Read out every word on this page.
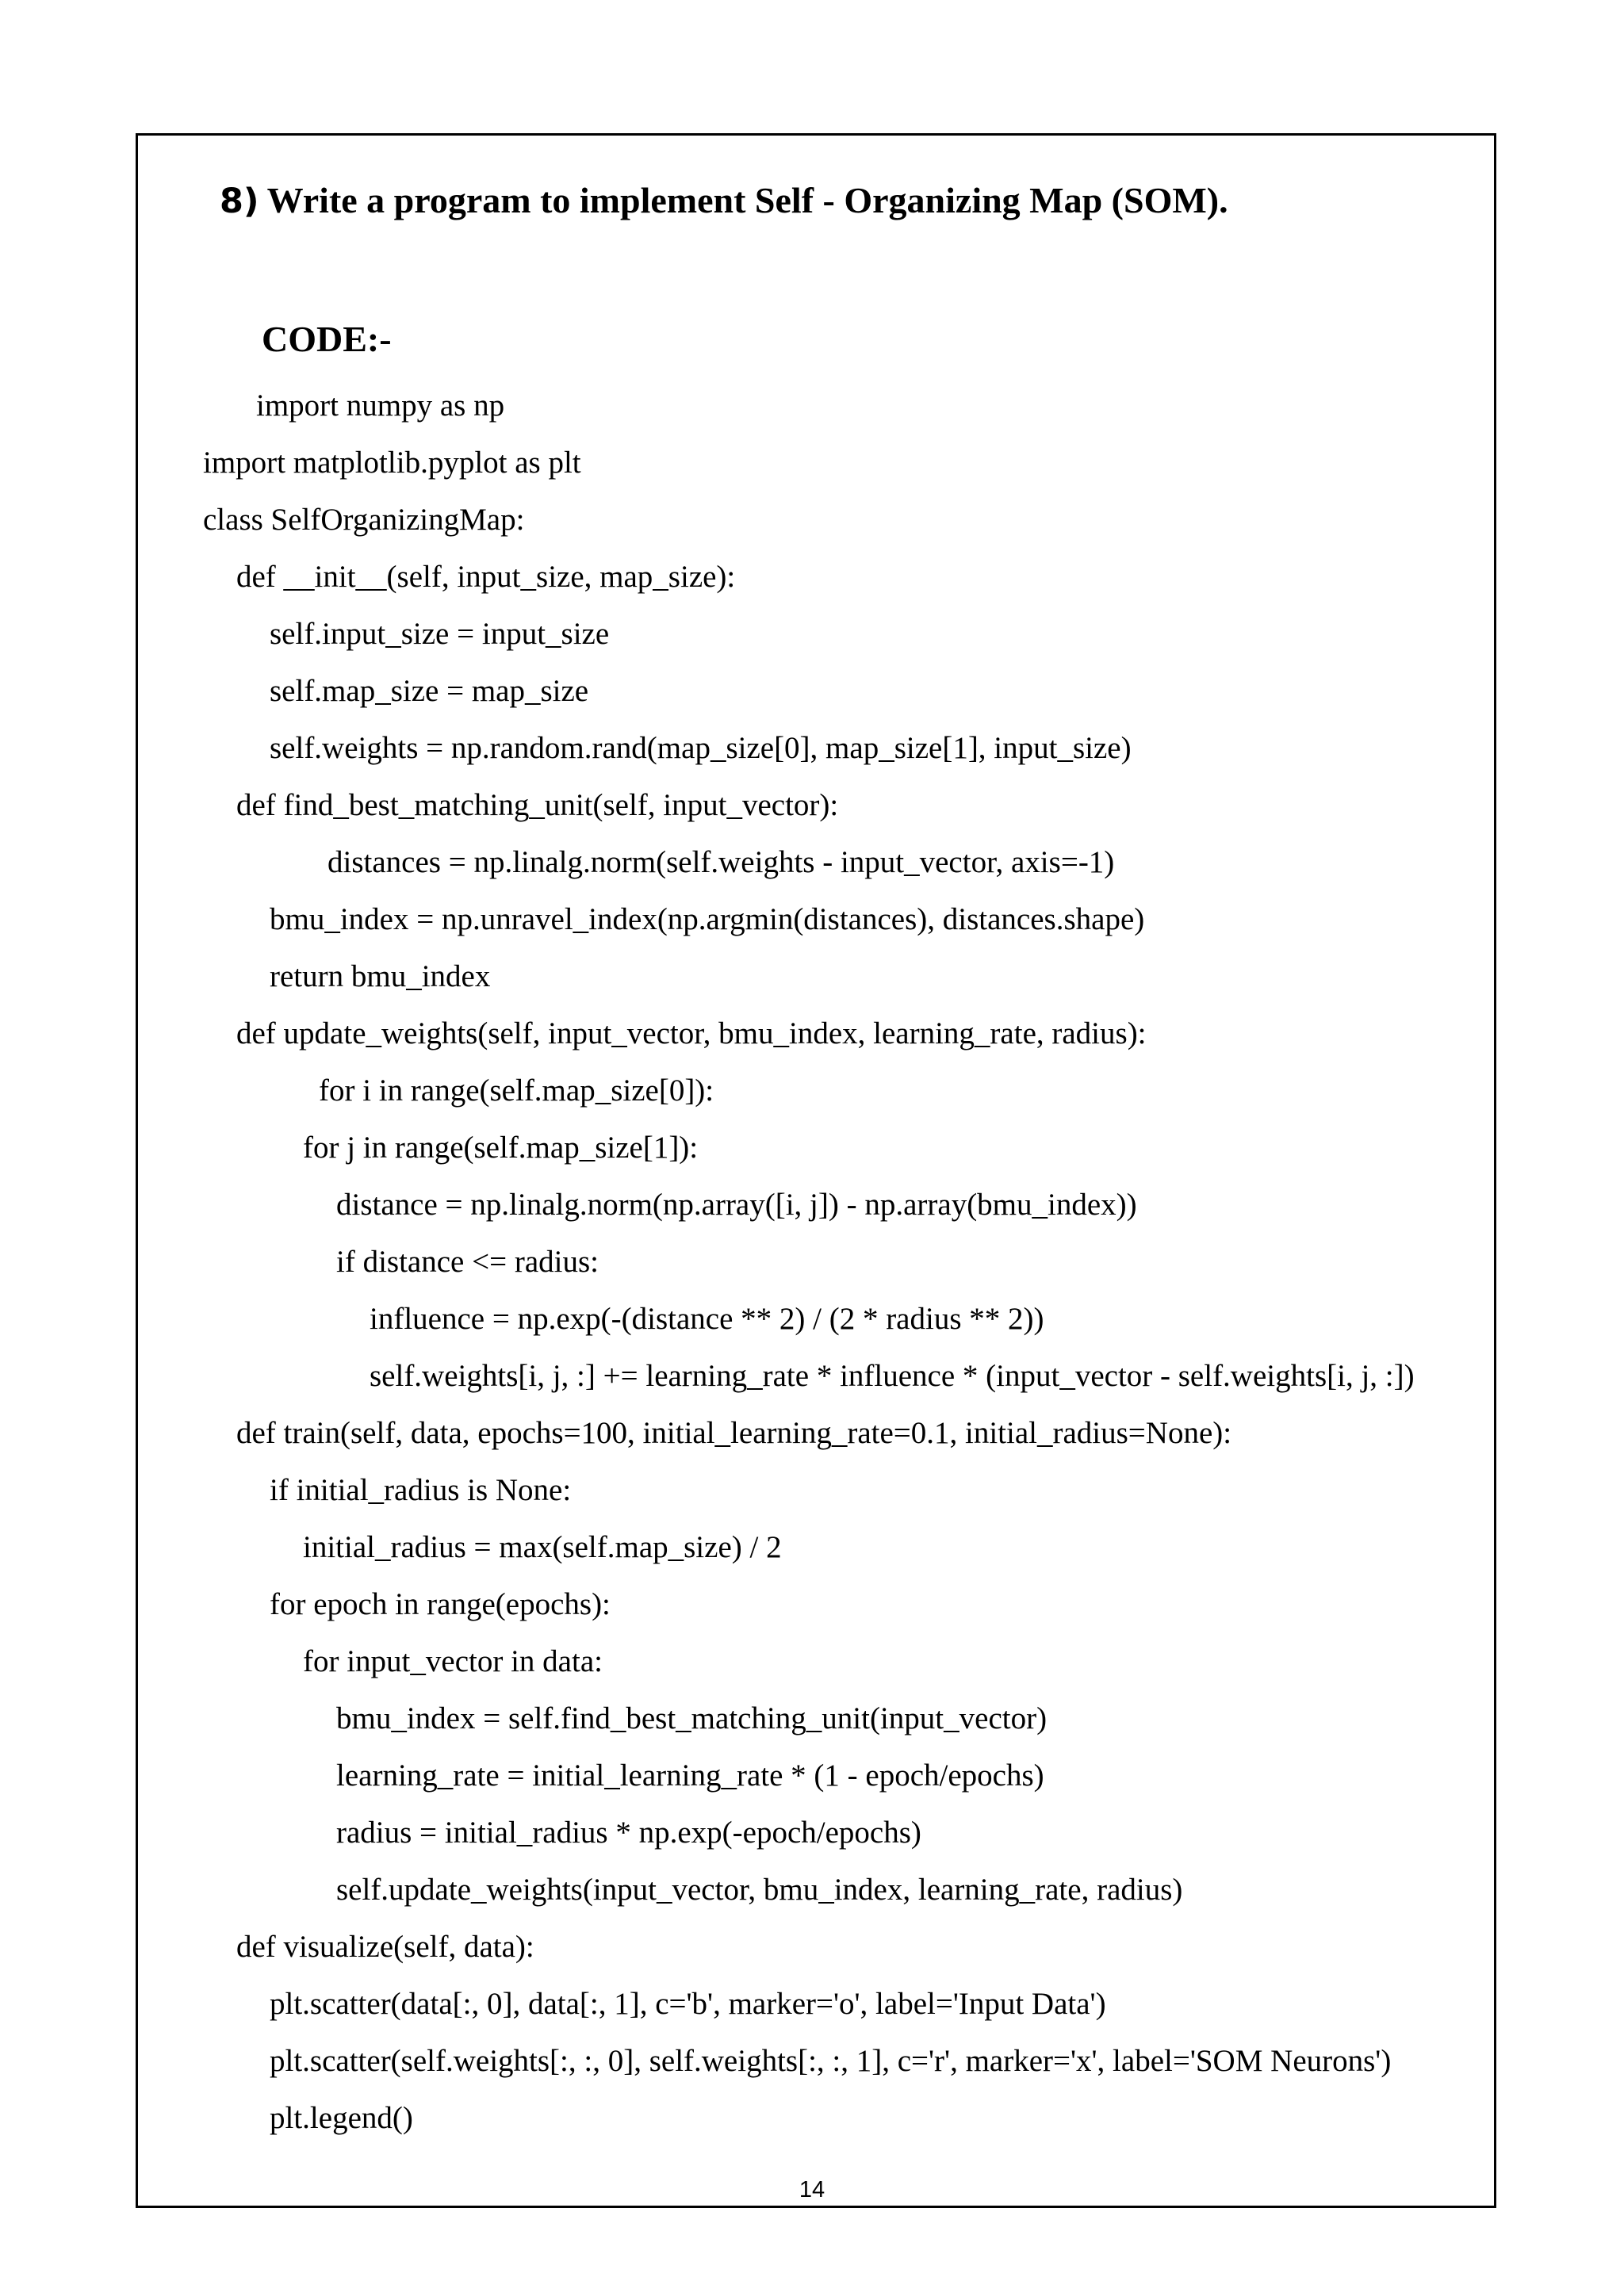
8) Write a program to implement Self - Organizing Map (SOM).
CODE:-
import numpy as np
import matplotlib.pyplot as plt
class SelfOrganizingMap:
def __init__(self, input_size, map_size):
self.input_size = input_size
self.map_size = map_size
self.weights = np.random.rand(map_size[0], map_size[1], input_size)
def find_best_matching_unit(self, input_vector):
distances = np.linalg.norm(self.weights - input_vector, axis=-1)
bmu_index = np.unravel_index(np.argmin(distances), distances.shape)
return bmu_index
def update_weights(self, input_vector, bmu_index, learning_rate, radius):
for i in range(self.map_size[0]):
for j in range(self.map_size[1]):
distance = np.linalg.norm(np.array([i, j]) - np.array(bmu_index))
if distance <= radius:
influence = np.exp(-(distance ** 2) / (2 * radius ** 2))
self.weights[i, j, :] += learning_rate * influence * (input_vector - self.weights[i, j, :])
def train(self, data, epochs=100, initial_learning_rate=0.1, initial_radius=None):
if initial_radius is None:
initial_radius = max(self.map_size) / 2
for epoch in range(epochs):
for input_vector in data:
bmu_index = self.find_best_matching_unit(input_vector)
learning_rate = initial_learning_rate * (1 - epoch/epochs)
radius = initial_radius * np.exp(-epoch/epochs)
self.update_weights(input_vector, bmu_index, learning_rate, radius)
def visualize(self, data):
plt.scatter(data[:, 0], data[:, 1], c='b', marker='o', label='Input Data')
plt.scatter(self.weights[:, :, 0], self.weights[:, :, 1], c='r', marker='x', label='SOM Neurons')
plt.legend()
14
